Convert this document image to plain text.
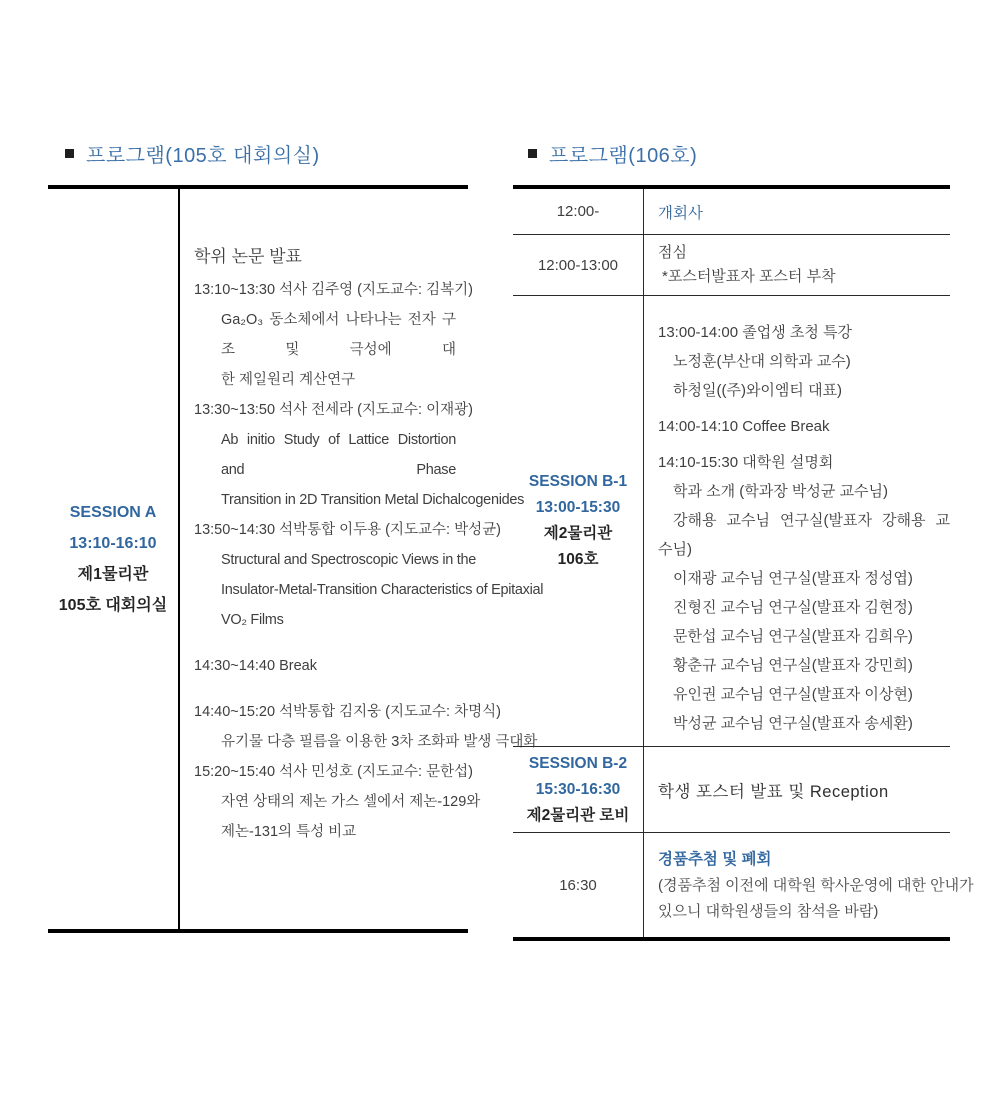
프로그램(105호 대회의실)
SESSION A
13:10-16:10
제1물리관
105호 대회의실
학위 논문 발표
13:10~13:30 석사 김주영 (지도교수: 김복기)
Ga₂O₃ 동소체에서 나타나는 전자 구조 및 극성에 대
한 제일원리 계산연구
13:30~13:50 석사 전세라 (지도교수: 이재광)
Ab initio Study of Lattice Distortion and Phase
Transition in 2D Transition Metal Dichalcogenides
13:50~14:30 석박통합 이두용 (지도교수: 박성균)
Structural and Spectroscopic Views in the
Insulator-Metal-Transition Characteristics of Epitaxial
VO₂ Films
14:30~14:40 Break
14:40~15:20 석박통합 김지웅 (지도교수: 차명식)
유기물 다층 필름을 이용한 3차 조화파 발생 극대화
15:20~15:40 석사 민성호 (지도교수: 문한섭)
자연 상태의 제논 가스 셀에서 제논-129와
제논-131의 특성 비교
프로그램(106호)
12:00-	개회사
12:00-13:00
점심
*포스터발표자 포스터 부착
SESSION B-1
13:00-15:30
제2물리관
106호
13:00-14:00 졸업생 초청 특강
노정훈(부산대 의학과 교수)
하청일((주)와이엠티 대표)
14:00-14:10 Coffee Break
14:10-15:30 대학원 설명회
학과 소개 (학과장 박성균 교수님)
강해용 교수님 연구실(발표자 강해용 교
수님)
이재광 교수님 연구실(발표자 정성엽)
진형진 교수님 연구실(발표자 김현정)
문한섭 교수님 연구실(발표자 김희우)
황춘규 교수님 연구실(발표자 강민희)
유인권 교수님 연구실(발표자 이상현)
박성균 교수님 연구실(발표자 송세환)
SESSION B-2
15:30-16:30
제2물리관 로비
학생 포스터 발표 및 Reception
16:30
경품추첨 및 폐회
(경품추첨 이전에 대학원 학사운영에 대한 안내가
있으니 대학원생들의 참석을 바람)
